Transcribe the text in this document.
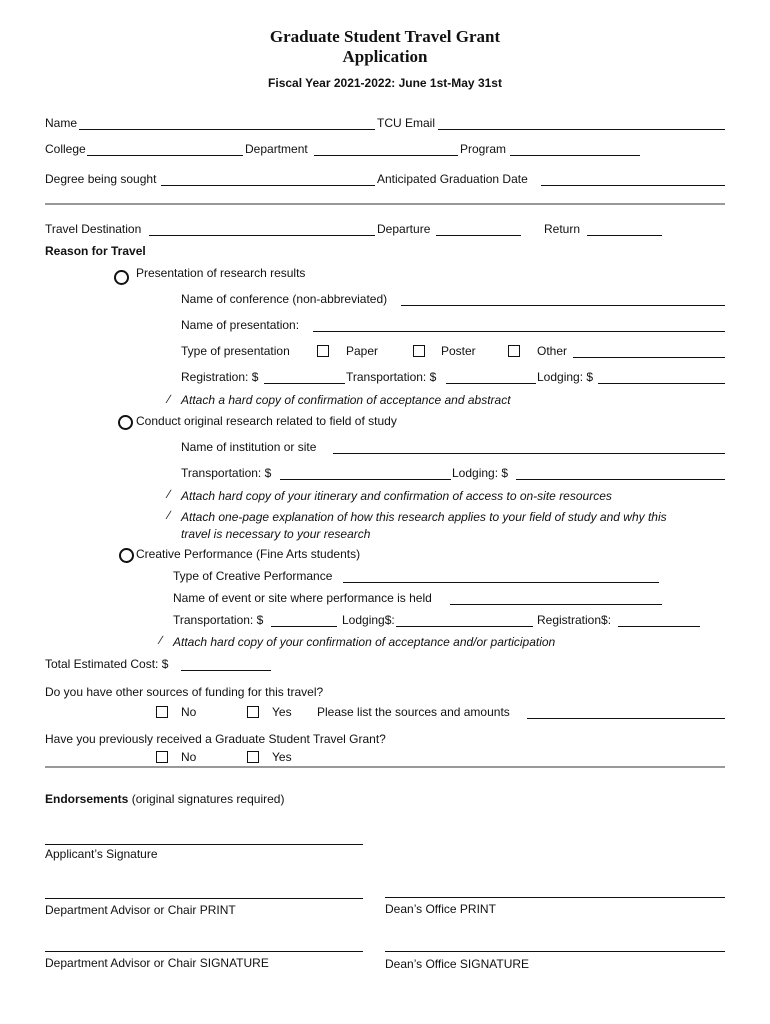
Graduate Student Travel Grant
Application
Fiscal Year 2021-2022: June 1st-May 31st
Name	TCU Email
College	Department	Program
Degree being sought	Anticipated Graduation Date
Travel Destination	Departure	Return
Reason for Travel
Presentation of research results
Name of conference (non-abbreviated)
Name of presentation:
Type of presentation	Paper	Poster	Other
Registration: $	Transportation: $	Lodging: $
∕ Attach a hard copy of confirmation of acceptance and abstract
Conduct original research related to field of study
Name of institution or site
Transportation: $	Lodging: $
∕ Attach hard copy of your itinerary and confirmation of access to on-site resources
∕ Attach one-page explanation of how this research applies to your field of study and why this
travel is necessary to your research
Creative Performance (Fine Arts students)
Type of Creative Performance
Name of event or site where performance is held
Transportation: $	Lodging$:	Registration$:
∕ Attach hard copy of your confirmation of acceptance and/or participation
Total Estimated Cost: $
Do you have other sources of funding for this travel?
No	Yes Please list the sources and amounts
Have you previously received a Graduate Student Travel Grant?
No	Yes
Endorsements (original signatures required)
Applicant’s Signature
Department Advisor or Chair PRINT	Dean’s Office PRINT
Department Advisor or Chair SIGNATURE	Dean’s Office SIGNATURE
